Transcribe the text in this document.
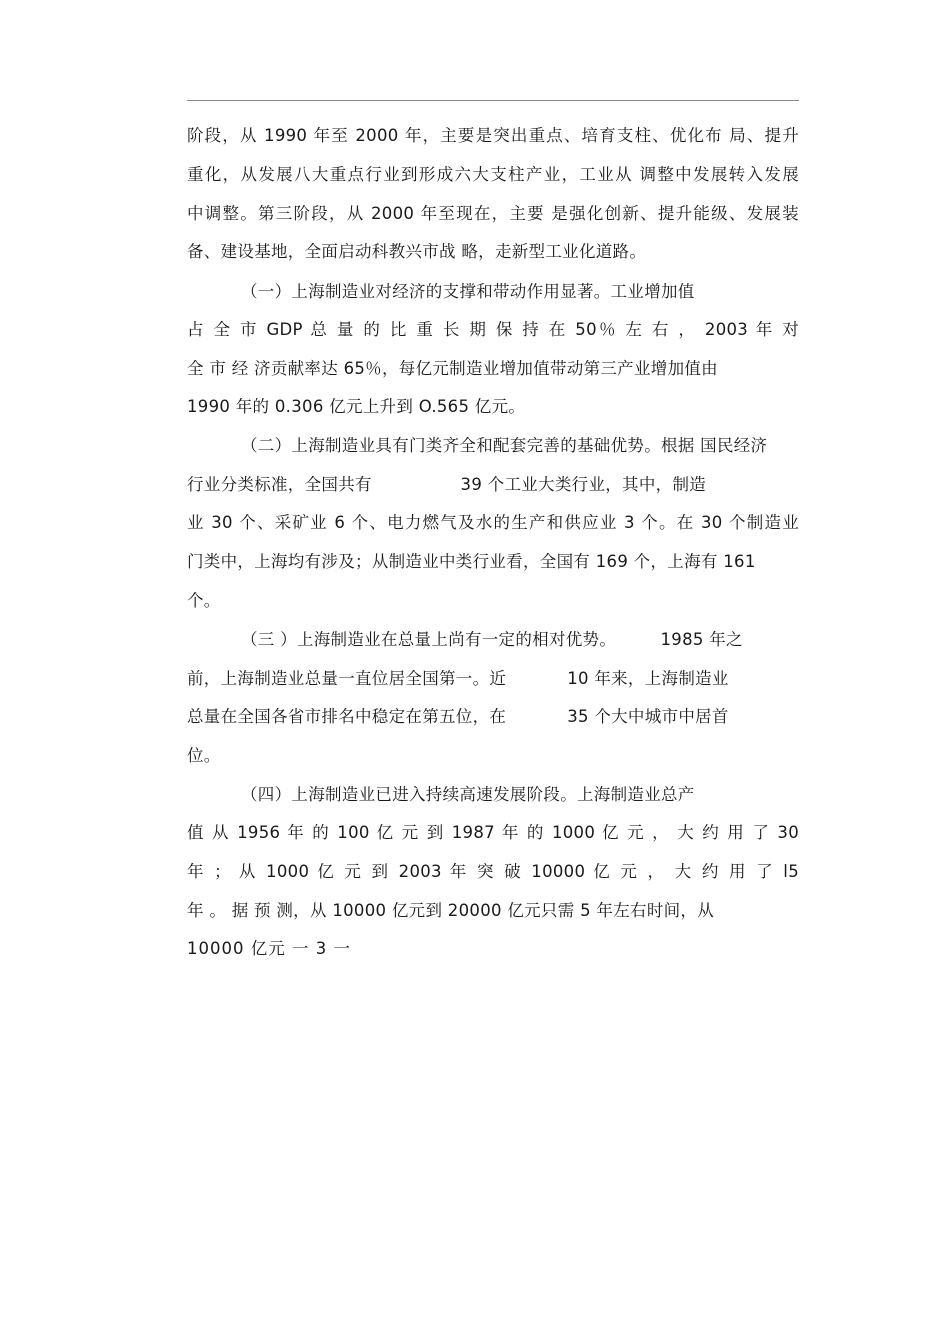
阶段，从 1990 年至 2000 年，主要是突出重点、培育支柱、优化布 局、提升
重化，从发展八大重点行业到形成六大支柱产业，工业从 调整中发展转入发展
中调整。第三阶段，从 2000 年至现在，主要 是强化创新、提升能级、发展装
备、建设基地，全面启动科教兴市战 略，走新型工业化道路。
（一）上海制造业对经济的支撑和带动作用显著。工业增加值
占 全 市 GDP 总 量 的 比 重 长 期 保 持 在 50％ 左 右 ， 2003 年 对
全 市 经 济贡献率达 65％，每亿元制造业增加值带动第三产业增加值由
1990 年的 0.306 亿元上升到 O.565 亿元。
（二）上海制造业具有门类齐全和配套完善的基础优势。根据 国民经济
行业分类标准，全国共有                39 个工业大类行业，其中，制造
业 30 个、采矿业 6 个、电力燃气及水的生产和供应业 3 个。在 30 个制造业
门类中，上海均有涉及；从制造业中类行业看，全国有 169 个，上海有 161
个。
（三 ）上海制造业在总量上尚有一定的相对优势。        1985 年之
前，上海制造业总量一直位居全国第一。近           10 年来，上海制造业
总量在全国各省市排名中稳定在第五位，在           35 个大中城市中居首
位。
（四）上海制造业已进入持续高速发展阶段。上海制造业总产
值 从 1956 年 的 100 亿 元 到 1987 年 的 1000 亿 元 ， 大 约 用 了 30
年 ； 从 1000 亿 元 到 2003 年 突 破 10000 亿 元 ， 大 约 用 了 l5
年 。 据 预 测，从 10000 亿元到 20000 亿元只需 5 年左右时间，从
10000 亿元 一 3 一
